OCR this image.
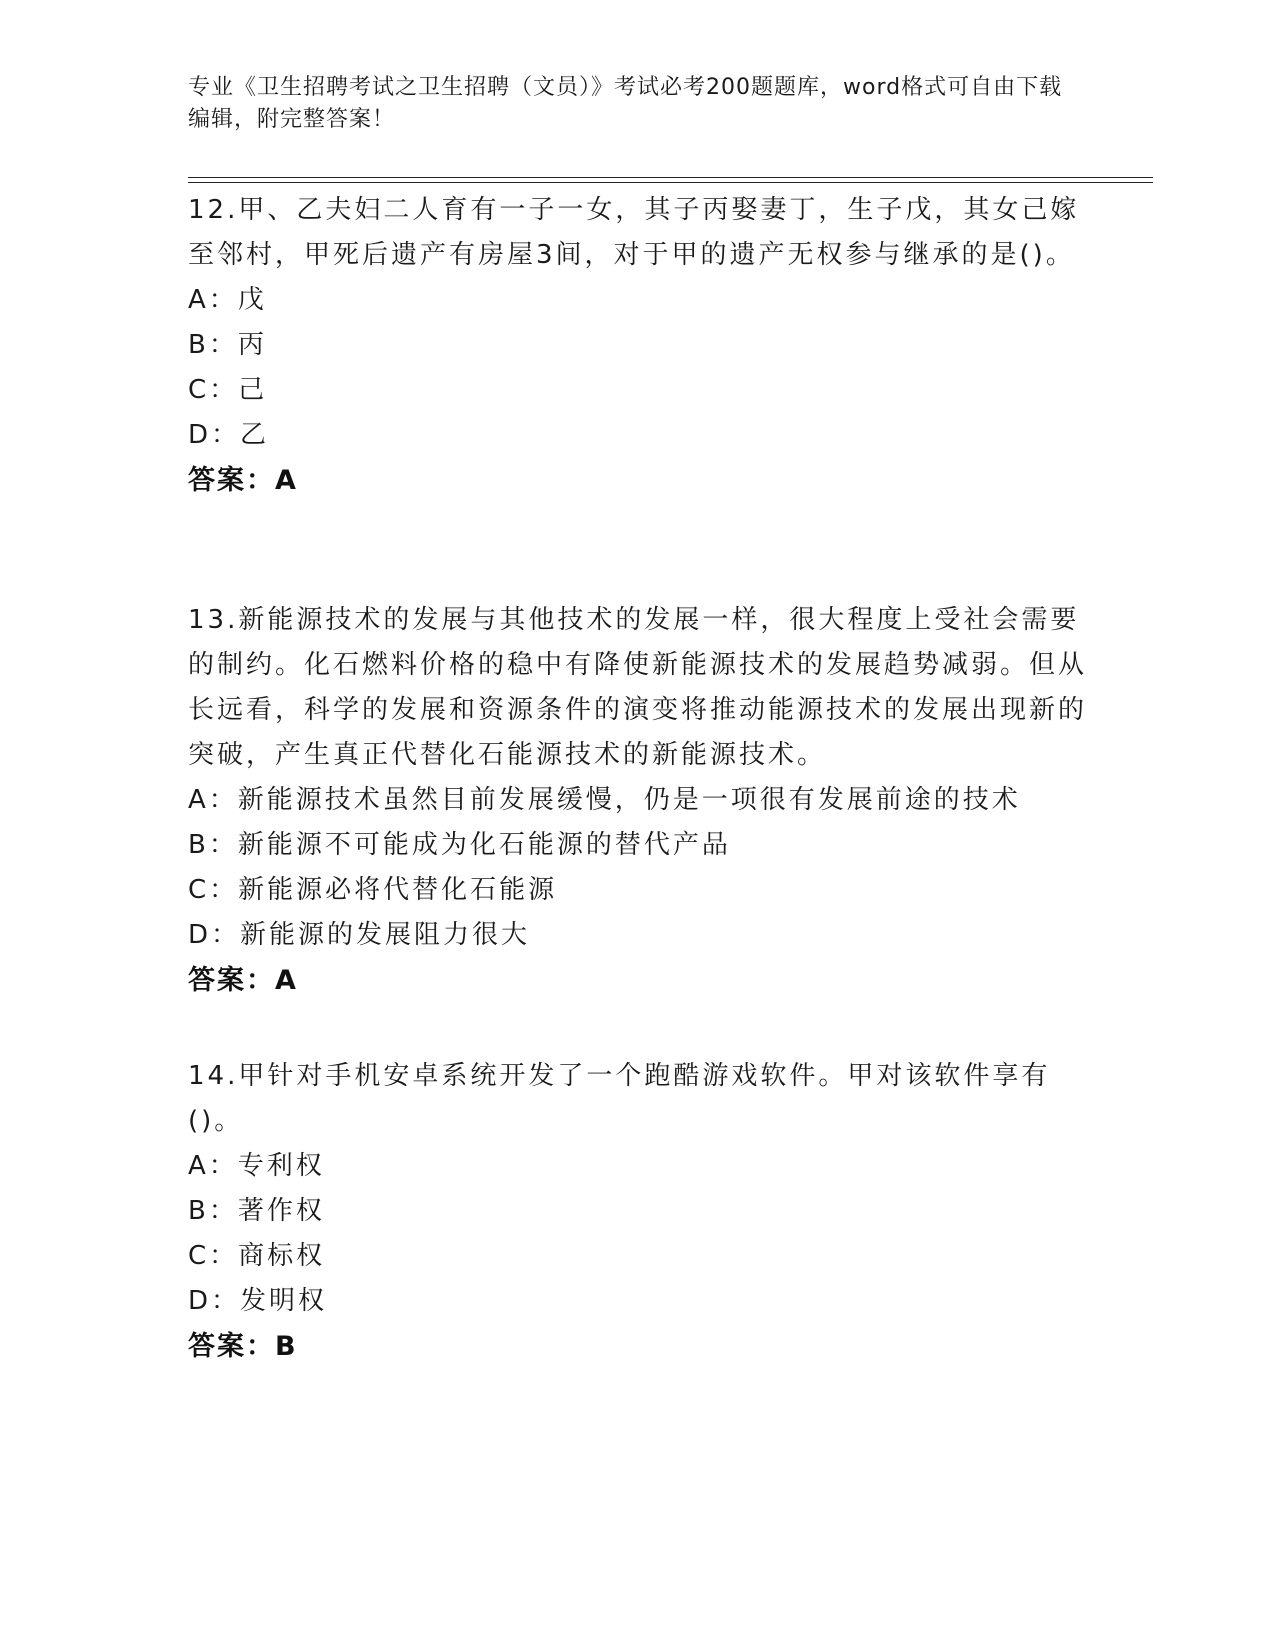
专业《卫生招聘考试之卫生招聘（文员）》考试必考200题题库，word格式可自由下载编辑，附完整答案！

12.甲、乙夫妇二人育有一子一女，其子丙娶妻丁，生子戊，其女己嫁至邻村，甲死后遗产有房屋3间，对于甲的遗产无权参与继承的是()。

A：戊

B：丙

C：己

D：乙

答案：A

13.新能源技术的发展与其他技术的发展一样，很大程度上受社会需要的制约。化石燃料价格的稳中有降使新能源技术的发展趋势减弱。但从长远看，科学的发展和资源条件的演变将推动能源技术的发展出现新的突破，产生真正代替化石能源技术的新能源技术。

A：新能源技术虽然目前发展缓慢，仍是一项很有发展前途的技术

B：新能源不可能成为化石能源的替代产品

C：新能源必将代替化石能源

D：新能源的发展阻力很大

答案：A

14.甲针对手机安卓系统开发了一个跑酷游戏软件。甲对该软件享有()。

A：专利权

B：著作权

C：商标权

D：发明权

答案：B
